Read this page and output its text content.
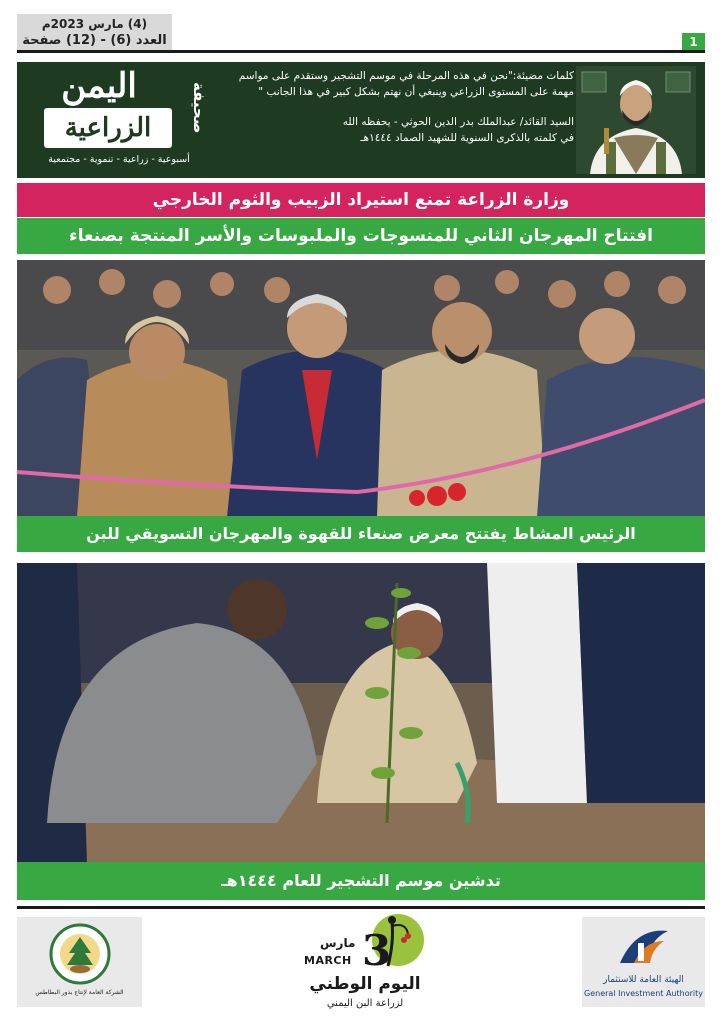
(4) مارس 2023م
العدد (6) - (12) صفحة	1
اليمن
الزراعية	صحيفة
أسبوعية - زراعية - تنموية - مجتمعية
كلمات مضيئة:"نحن في هذه المرحلة في موسم التشجير وستقدم على مواسم
مهمة على المستوى الزراعي وينبغي أن نهتم بشكل كبير في هذا الجانب "
السيد القائد/ عبدالملك بدر الدين الحوثي - يحفظه الله
في كلمته بالذكرى السنوية للشهيد الصماد ١٤٤٤هـ
وزارة الزراعة تمنع استيراد الزبيب والثوم الخارجي
افتتاح المهرجان الثاني للمنسوجات والملبوسات والأسر المنتجة بصنعاء
الرئيس المشاط يفتتح معرض صنعاء للقهوة والمهرجان التسويقي للبن
تدشين موسم التشجير للعام ١٤٤٤هـ
الشركة العامة لإنتاج بذور البطاطس
3
مارس
MARCH
اليوم الوطني
لزراعة البن اليمني
الهيئة العامة للاستثمار
General Investment Authority
